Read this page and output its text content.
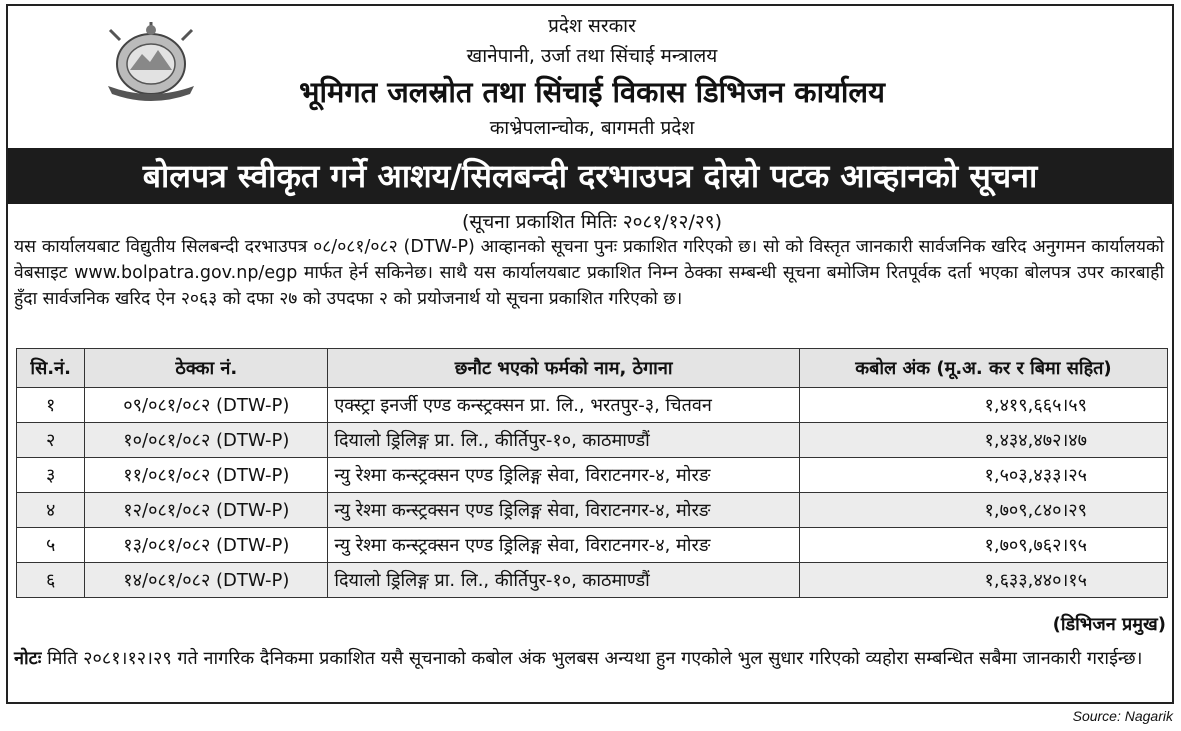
प्रदेश सरकार
खानेपानी, उर्जा तथा सिंचाई मन्त्रालय
भूमिगत जलस्रोत तथा सिंचाई विकास डिभिजन कार्यालय
काभ्रेपलान्चोक, बागमती प्रदेश
बोलपत्र स्वीकृत गर्ने आशय/सिलबन्दी दरभाउपत्र दोस्रो पटक आव्हानको सूचना
(सूचना प्रकाशित मितिः २०८१/१२/२९)
यस कार्यालयबाट विद्युतीय सिलबन्दी दरभाउपत्र ०८/०८१/०८२ (DTW-P) आव्हानको सूचना पुनः प्रकाशित गरिएको छ। सो को विस्तृत जानकारी सार्वजनिक खरिद अनुगमन कार्यालयको वेबसाइट www.bolpatra.gov.np/egp मार्फत हेर्न सकिनेछ। साथै यस कार्यालयबाट प्रकाशित निम्न ठेक्का सम्बन्धी सूचना बमोजिम रितपूर्वक दर्ता भएका बोलपत्र उपर कारबाही हुँदा सार्वजनिक खरिद ऐन २०६३ को दफा २७ को उपदफा २ को प्रयोजनार्थ यो सूचना प्रकाशित गरिएको छ।
सि.नं.	ठेक्का नं.	छनौट भएको फर्मको नाम, ठेगाना	कबोल अंक (मू.अ. कर र बिमा सहित)
१	०९/०८१/०८२ (DTW-P)	एक्स्ट्रा इनर्जी एण्ड कन्स्ट्रक्सन प्रा. लि., भरतपुर-३, चितवन	१,४१९,६६५।५९
२	१०/०८१/०८२ (DTW-P)	दियालो ड्रिलिङ्ग प्रा. लि., कीर्तिपुर-१०, काठमाण्डौं	१,४३४,४७२।४७
३	११/०८१/०८२ (DTW-P)	न्यु रेश्मा कन्स्ट्रक्सन एण्ड ड्रिलिङ्ग सेवा, विराटनगर-४, मोरङ	१,५०३,४३३।२५
४	१२/०८१/०८२ (DTW-P)	न्यु रेश्मा कन्स्ट्रक्सन एण्ड ड्रिलिङ्ग सेवा, विराटनगर-४, मोरङ	१,७०९,८४०।२९
५	१३/०८१/०८२ (DTW-P)	न्यु रेश्मा कन्स्ट्रक्सन एण्ड ड्रिलिङ्ग सेवा, विराटनगर-४, मोरङ	१,७०९,७६२।९५
६	१४/०८१/०८२ (DTW-P)	दियालो ड्रिलिङ्ग प्रा. लि., कीर्तिपुर-१०, काठमाण्डौं	१,६३३,४४०।१५
(डिभिजन प्रमुख)
नोटः मिति २०८१।१२।२९ गते नागरिक दैनिकमा प्रकाशित यसै सूचनाको कबोल अंक भुलबस अन्यथा हुन गएकोले भुल सुधार गरिएको व्यहोरा सम्बन्धित सबैमा जानकारी गराईन्छ।
Source: Nagarik
